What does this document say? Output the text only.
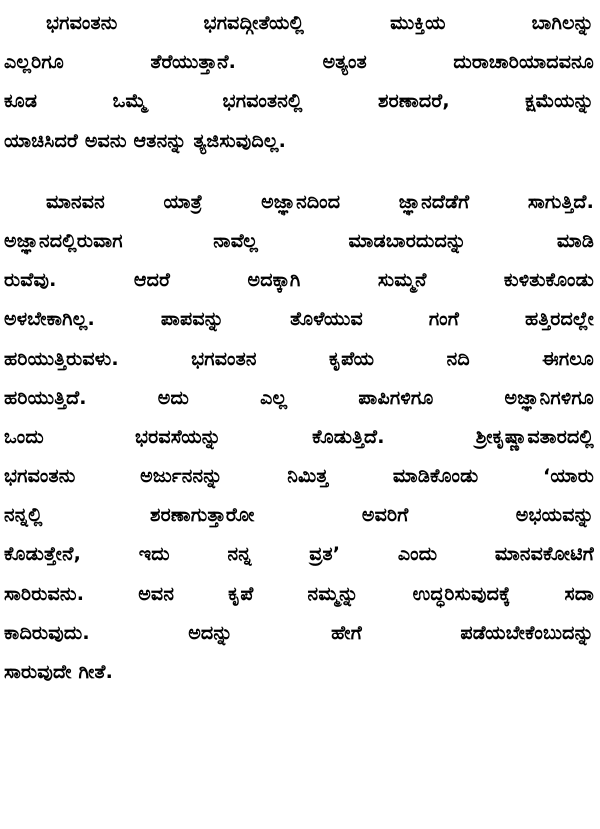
ಭಗವಂತನು ಭಗವದ್ಗೀತೆಯಲ್ಲಿ ಮುಕ್ತಿಯ ಬಾಗಿಲನ್ನು
ಎಲ್ಲರಿಗೂ ತೆರೆಯುತ್ತಾನೆ. ಅತ್ಯಂತ ದುರಾಚಾರಿಯಾದವನೂ
ಕೂಡ ಒಮ್ಮೆ ಭಗವಂತನಲ್ಲಿ ಶರಣಾದರೆ, ಕ್ಷಮೆಯನ್ನು
ಯಾಚಿಸಿದರೆ ಅವನು ಆತನನ್ನು ತ್ಯಜಿಸುವುದಿಲ್ಲ.
ಮಾನವನ ಯಾತ್ರೆ ಅಜ್ಞಾನದಿಂದ ಜ್ಞಾನದೆಡೆಗೆ ಸಾಗುತ್ತಿದೆ.
ಅಜ್ಞಾನದಲ್ಲಿರುವಾಗ ನಾವೆಲ್ಲ ಮಾಡಬಾರದುದನ್ನು ಮಾಡಿ
ರುವೆವು. ಆದರೆ ಅದಕ್ಕಾಗಿ ಸುಮ್ಮನೆ ಕುಳಿತುಕೊಂಡು
ಅಳಬೇಕಾಗಿಲ್ಲ. ಪಾಪವನ್ನು ತೊಳೆಯುವ ಗಂಗೆ ಹತ್ತಿರದಲ್ಲೇ
ಹರಿಯುತ್ತಿರುವಳು. ಭಗವಂತನ ಕೃಪೆಯ ನದಿ ಈಗಲೂ
ಹರಿಯುತ್ತಿದೆ. ಅದು ಎಲ್ಲ ಪಾಪಿಗಳಿಗೂ ಅಜ್ಞಾನಿಗಳಿಗೂ
ಒಂದು ಭರವಸೆಯನ್ನು ಕೊಡುತ್ತಿದೆ. ಶ್ರೀಕೃಷ್ಣಾವತಾರದಲ್ಲಿ
ಭಗವಂತನು ಅರ್ಜುನನನ್ನು ನಿಮಿತ್ತ ಮಾಡಿಕೊಂಡು ‘ಯಾರು
ನನ್ನಲ್ಲಿ ಶರಣಾಗುತ್ತಾರೋ ಅವರಿಗೆ ಅಭಯವನ್ನು
ಕೊಡುತ್ತೇನೆ, ಇದು ನನ್ನ ವ್ರತ’ ಎಂದು ಮಾನವಕೋಟಿಗೆ
ಸಾರಿರುವನು. ಅವನ ಕೃಪೆ ನಮ್ಮನ್ನು ಉದ್ಧರಿಸುವುದಕ್ಕೆ ಸದಾ
ಕಾದಿರುವುದು. ಅದನ್ನು ಹೇಗೆ ಪಡೆಯಬೇಕೆಂಬುದನ್ನು
ಸಾರುವುದೇ ಗೀತೆ.
